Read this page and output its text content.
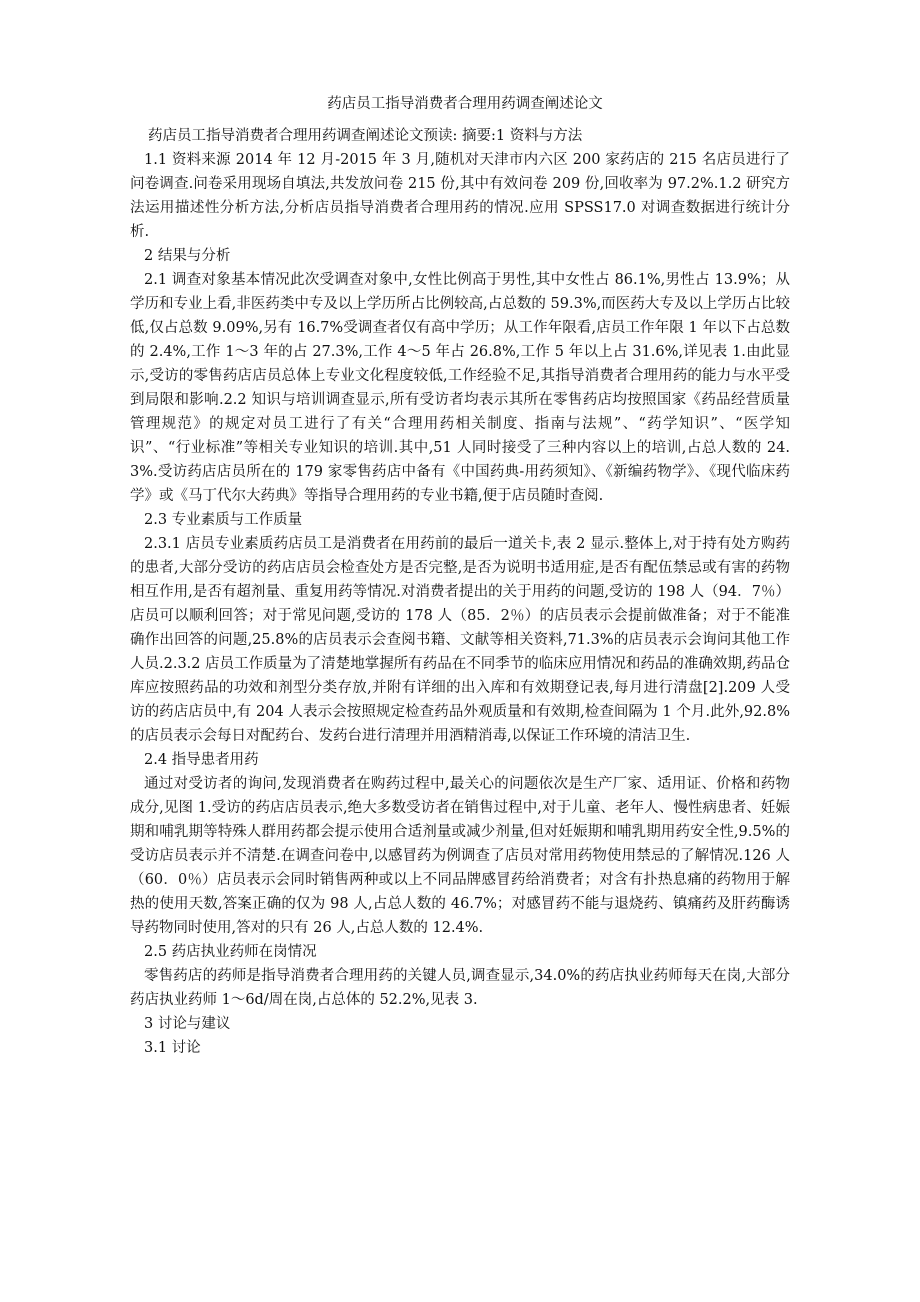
药店员工指导消费者合理用药调查阐述论文
药店员工指导消费者合理用药调查阐述论文预读: 摘要:1 资料与方法
1.1 资料来源 2014 年 12 月-2015 年 3 月,随机对天津市内六区 200 家药店的 215 名店员进行了问卷调查.问卷采用现场自填法,共发放问卷 215 份,其中有效问卷 209 份,回收率为 97.2%.1.2 研究方法运用描述性分析方法,分析店员指导消费者合理用药的情况.应用 SPSS17.0 对调查数据进行统计分析.
2 结果与分析
2.1 调查对象基本情况此次受调查对象中,女性比例高于男性,其中女性占 86.1%,男性占 13.9%；从学历和专业上看,非医药类中专及以上学历所占比例较高,占总数的 59.3%,而医药大专及以上学历占比较低,仅占总数 9.09%,另有 16.7%受调查者仅有高中学历；从工作年限看,店员工作年限 1 年以下占总数的 2.4%,工作 1～3 年的占 27.3%,工作 4～5 年占 26.8%,工作 5 年以上占 31.6%,详见表 1.由此显示,受访的零售药店店员总体上专业文化程度较低,工作经验不足,其指导消费者合理用药的能力与水平受到局限和影响.2.2 知识与培训调查显示,所有受访者均表示其所在零售药店均按照国家《药品经营质量管理规范》的规定对员工进行了有关“合理用药相关制度、指南与法规”、“药学知识”、“医学知识”、“行业标准”等相关专业知识的培训.其中,51 人同时接受了三种内容以上的培训,占总人数的 24.3%.受访药店店员所在的 179 家零售药店中备有《中国药典-用药须知》、《新编药物学》、《现代临床药学》或《马丁代尔大药典》等指导合理用药的专业书籍,便于店员随时查阅.
2.3 专业素质与工作质量
2.3.1 店员专业素质药店员工是消费者在用药前的最后一道关卡,表 2 显示.整体上,对于持有处方购药的患者,大部分受访的药店店员会检查处方是否完整,是否为说明书适用症,是否有配伍禁忌或有害的药物相互作用,是否有超剂量、重复用药等情况.对消费者提出的关于用药的问题,受访的 198 人（94．7％）店员可以顺利回答；对于常见问题,受访的 178 人（85．2％）的店员表示会提前做准备；对于不能准确作出回答的问题,25.8%的店员表示会查阅书籍、文献等相关资料,71.3%的店员表示会询问其他工作人员.2.3.2 店员工作质量为了清楚地掌握所有药品在不同季节的临床应用情况和药品的准确效期,药品仓库应按照药品的功效和剂型分类存放,并附有详细的出入库和有效期登记表,每月进行清盘[2].209 人受访的药店店员中,有 204 人表示会按照规定检查药品外观质量和有效期,检查间隔为 1 个月.此外,92.8%的店员表示会每日对配药台、发药台进行清理并用酒精消毒,以保证工作环境的清洁卫生.
2.4 指导患者用药
通过对受访者的询问,发现消费者在购药过程中,最关心的问题依次是生产厂家、适用证、价格和药物成分,见图 1.受访的药店店员表示,绝大多数受访者在销售过程中,对于儿童、老年人、慢性病患者、妊娠期和哺乳期等特殊人群用药都会提示使用合适剂量或减少剂量,但对妊娠期和哺乳期用药安全性,9.5%的受访店员表示并不清楚.在调查问卷中,以感冒药为例调查了店员对常用药物使用禁忌的了解情况.126 人（60．0％）店员表示会同时销售两种或以上不同品牌感冒药给消费者；对含有扑热息痛的药物用于解热的使用天数,答案正确的仅为 98 人,占总人数的 46.7%；对感冒药不能与退烧药、镇痛药及肝药酶诱导药物同时使用,答对的只有 26 人,占总人数的 12.4%.
2.5 药店执业药师在岗情况
零售药店的药师是指导消费者合理用药的关键人员,调查显示,34.0%的药店执业药师每天在岗,大部分药店执业药师 1～6d/周在岗,占总体的 52.2%,见表 3.
3 讨论与建议
3.1 讨论
